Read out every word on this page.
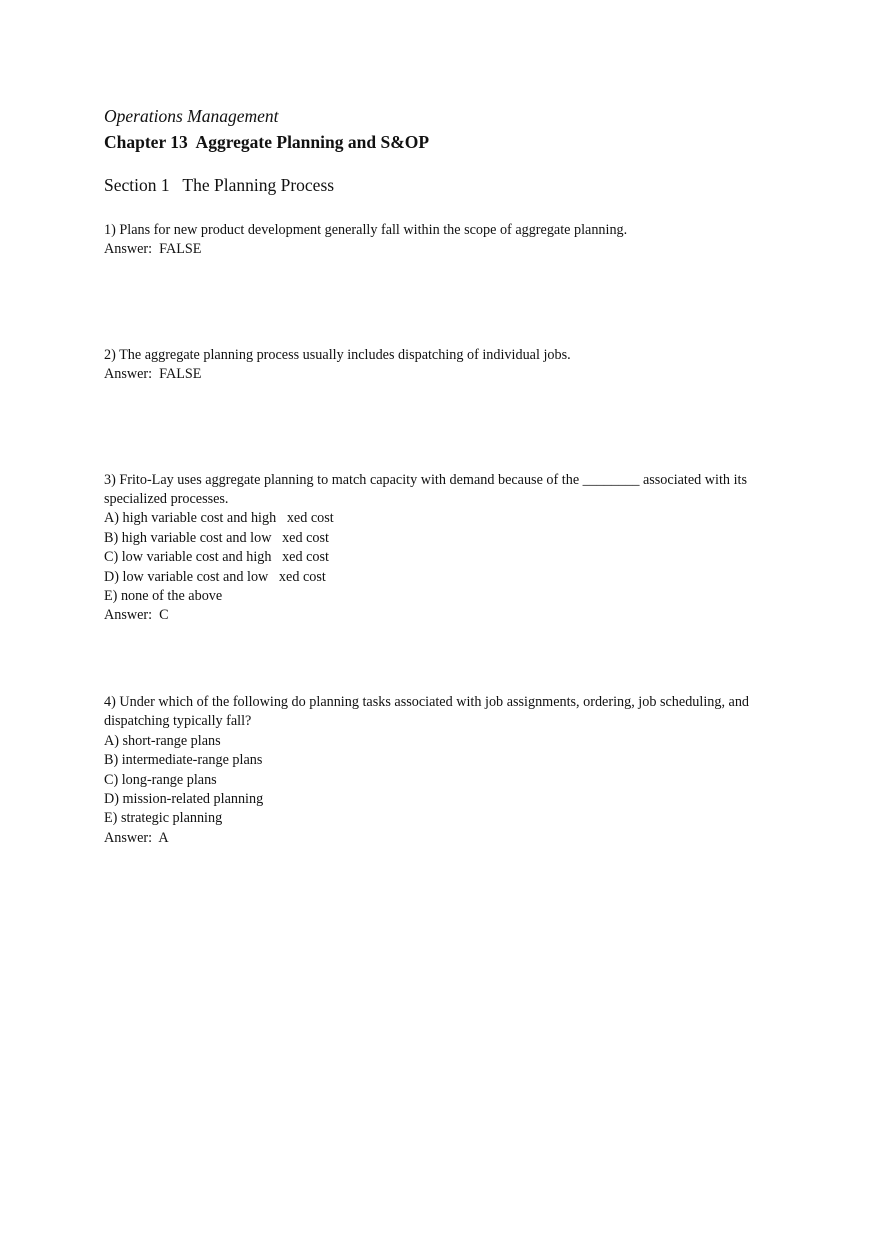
Operations Management

Chapter 13  Aggregate Planning and S&OP

Section 1   The Planning Process

1) Plans for new product development generally fall within the scope of aggregate planning.

Answer:  FALSE

2) The aggregate planning process usually includes dispatching of individual jobs.

Answer:  FALSE

3) Frito-Lay uses aggregate planning to match capacity with demand because of the ________ associated with its specialized processes.

A) high variable cost and high   xed cost

B) high variable cost and low   xed cost

C) low variable cost and high   xed cost

D) low variable cost and low   xed cost

E) none of the above

Answer:  C

4) Under which of the following do planning tasks associated with job assignments, ordering, job scheduling, and dispatching typically fall?

A) short-range plans

B) intermediate-range plans

C) long-range plans

D) mission-related planning

E) strategic planning

Answer:  A
